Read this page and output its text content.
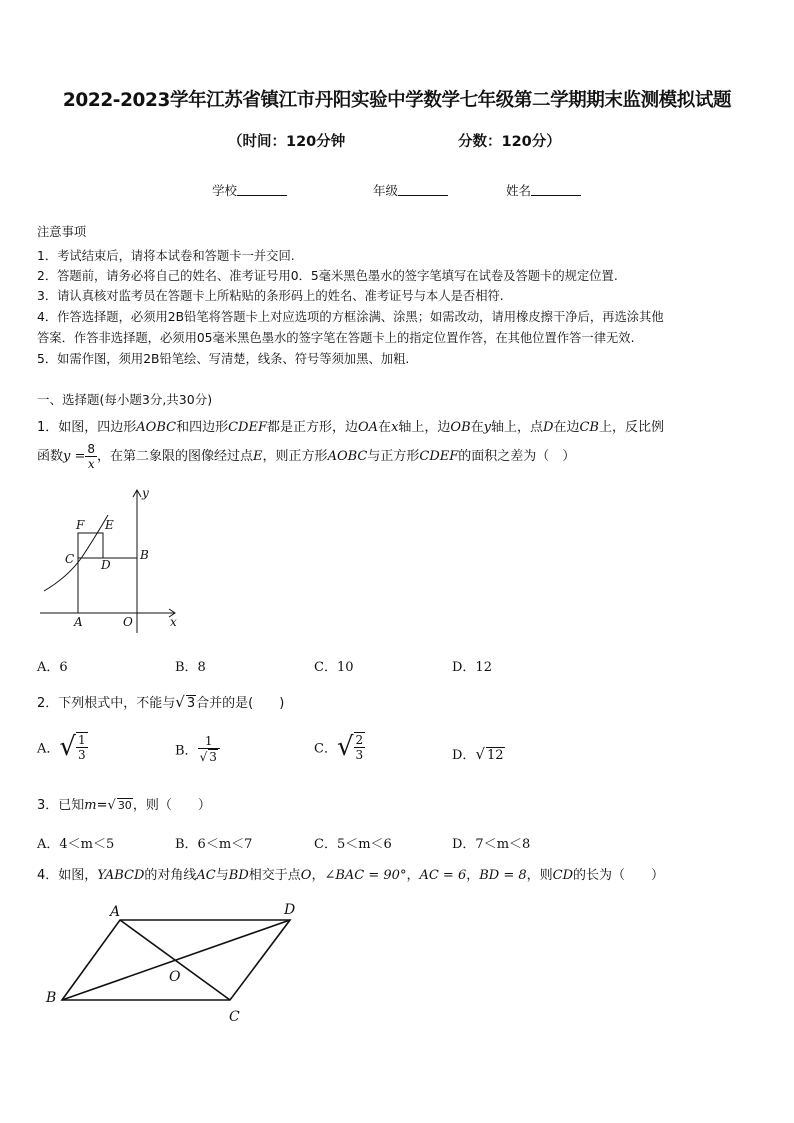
2022-2023学年江苏省镇江市丹阳实验中学数学七年级第二学期期末监测模拟试题
（时间：120分钟	分数：120分）
学校	年级	姓名
注意事项
1．考试结束后，请将本试卷和答题卡一并交回.
2．答题前，请务必将自己的姓名、准考证号用0．5毫米黑色墨水的签字笔填写在试卷及答题卡的规定位置.
3．请认真核对监考员在答题卡上所粘贴的条形码上的姓名、准考证号与本人是否相符.
4．作答选择题，必须用2B铅笔将答题卡上对应选项的方框涂满、涂黑；如需改动，请用橡皮擦干净后，再选涂其他
答案．作答非选择题，必须用05毫米黑色墨水的签字笔在答题卡上的指定位置作答，在其他位置作答一律无效.
5．如需作图，须用2B铅笔绘、写清楚，线条、符号等须加黑、加粗.
一、选择题(每小题3分,共30分)
1．如图，四边形AOBC和四边形CDEF都是正方形，边OA在x轴上，边OB在y轴上，点D在边CB上，反比例
函数$y = \frac{8}{x}$ ，在第二象限的图像经过点E，则正方形AOBC与正方形CDEF的面积之差为（　）
y
F E
C D
B
A	O	x
A．6	B．8	C．10	D．12
2．下列根式中，不能与√ 3合并的是(　　)
A．√ $\frac{1}{3}$	B． $\frac{1}{√ 3}$	C．√ $\frac{2}{3}$	D．√ 12
3．已知m=√ 30，则（　　）
A．4＜m＜5	B．6＜m＜7	C．5＜m＜6	D．7＜m＜8
4．如图，YABCD的对角线AC与BD相交于点O，∠BAC = 90°，AC = 6，BD = 8，则CD的长为（　　）
A	D
O
B
C
